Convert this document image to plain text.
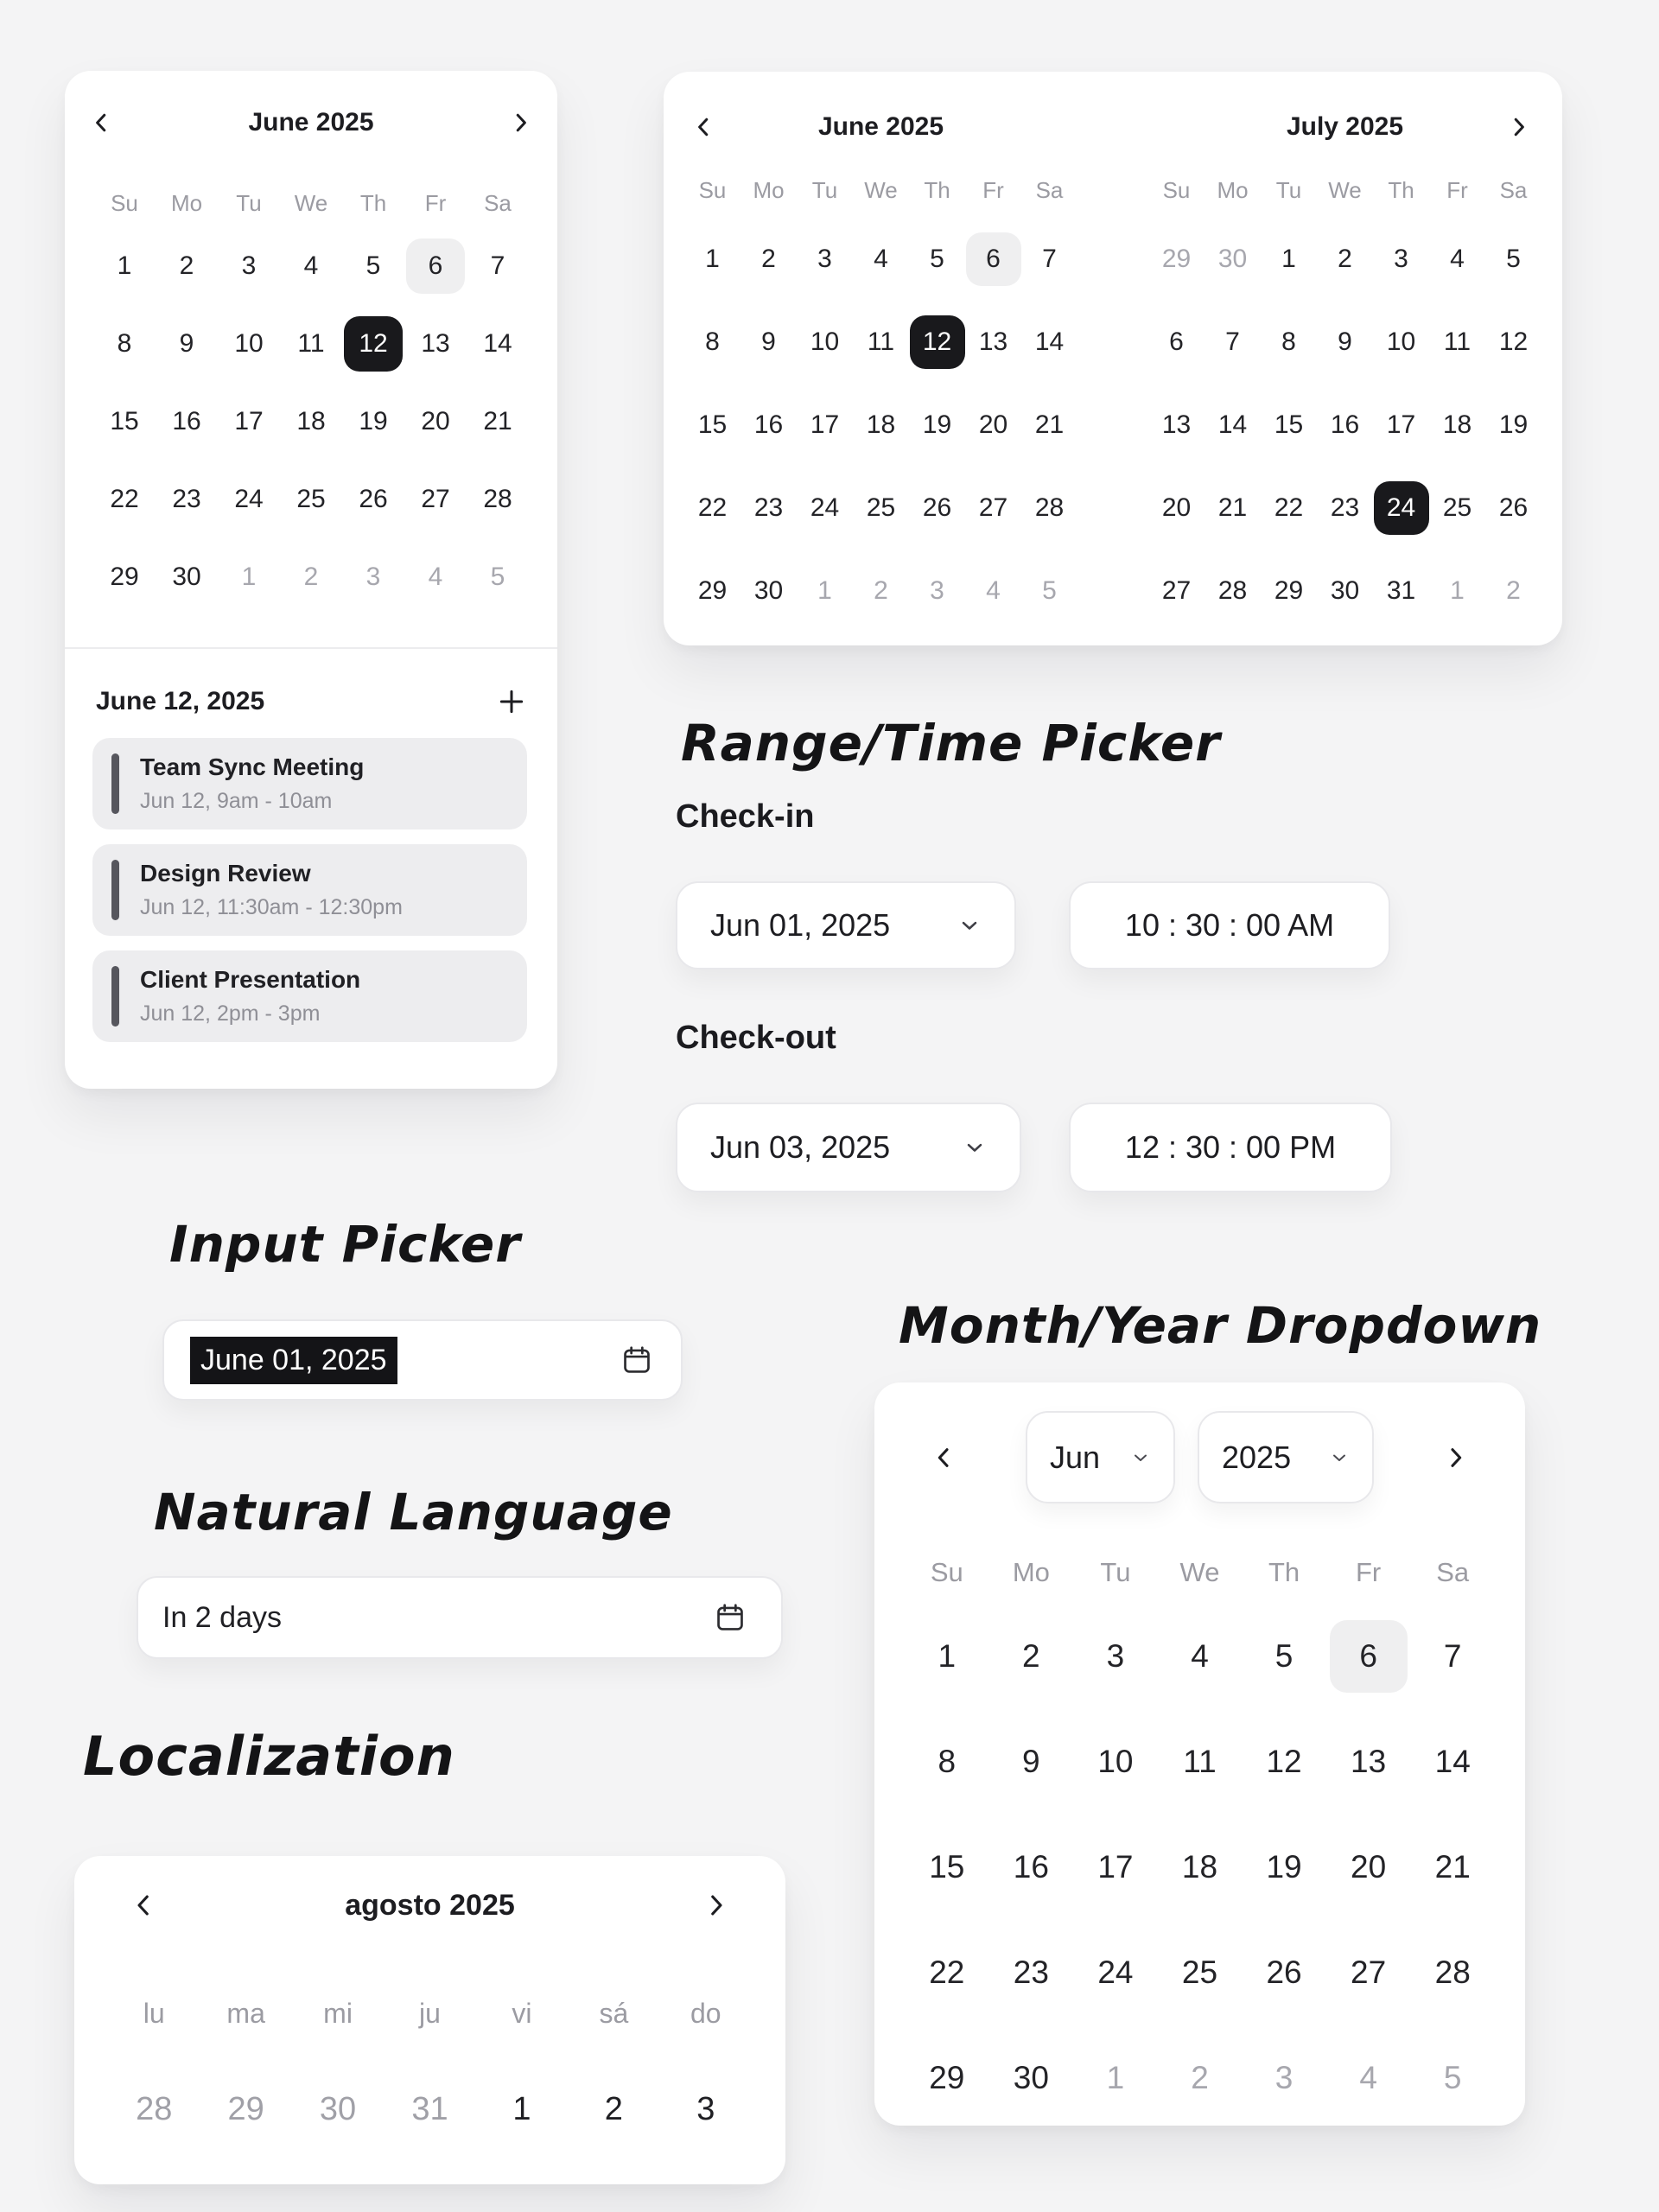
June 2025
Su Mo Tu We Th Fr Sa
1	2	3	4	5	6	7
8	9	10	11	12	13	14
15	16	17	18	19	20	21
22	23	24	25	26	27	28
29	30	1	2	3	4	5
June 12, 2025
Team Sync Meeting
Jun 12, 9am - 10am
Design Review
Jun 12, 11:30am - 12:30pm
Client Presentation
Jun 12, 2pm - 3pm
June 2025
Su Mo Tu We Th Fr Sa
1	2	3	4	5	6	7
8	9	10	11	12	13	14
15	16	17	18	19	20	21
22	23	24	25	26	27	28
29	30	1	2	3	4	5
July 2025
Su Mo Tu We Th Fr Sa
29	30	1	2	3	4	5
6	7	8	9	10	11	12
13	14	15	16	17	18	19
20	21	22	23	24	25	26
27	28	29	30	31	1	2
Range/Time Picker
Check-in
Jun 01, 2025	10 : 30 : 00 AM
Check-out
Jun 03, 2025	12 : 30 : 00 PM
Input Picker
June 01, 2025
Natural Language
In 2 days
Localization
agosto 2025
lu ma mi ju	vi sá do
28	29	30	31	1	2	3
Month/Year Dropdown
Jun	2025
Su Mo Tu We Th Fr Sa
1	2	3	4	5	6	7
8	9	10	11	12	13	14
15	16	17	18	19	20	21
22	23	24	25	26	27	28
29	30	1	2	3	4	5
